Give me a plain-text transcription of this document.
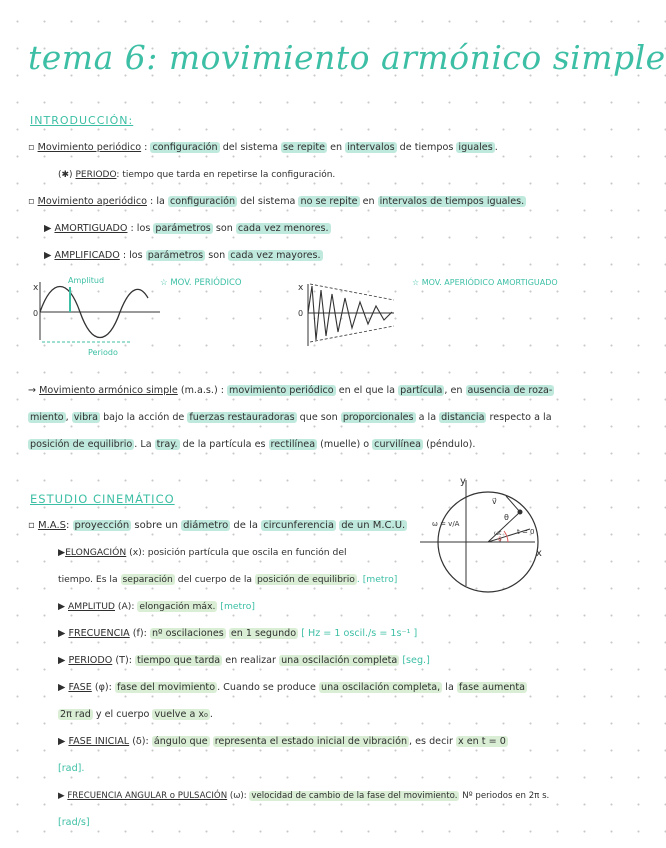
tema 6: movimiento armónico simple
INTRODUCCIÓN:
▫ Movimiento periódico : configuración del sistema se repite en intervalos de tiempos iguales .
(✱) PERIODO: tiempo que tarda en repetirse la configuración.
▫ Movimiento aperiódico : la configuración del sistema no se repite en intervalos de tiempos iguales.
▶ AMORTIGUADO : los parámetros son cada vez menores.
▶ AMPLIFICADO : los parámetros son cada vez mayores.
x
0
Amplitud
Periodo
☆ MOV. PERIÓDICO	x
0
☆ MOV. APERIÓDICO AMORTIGUADO
→ Movimiento armónico simple (m.a.s.) : movimiento periódico en el que la partícula , en ausencia de roza-
miento , vibra bajo la acción de fuerzas restauradoras que son proporcionales a la distancia respecto a la
posición de equilibrio . La tray. de la partícula es rectilínea (muelle) o curvilínea (péndulo).
ESTUDIO CINEMÁTICO
y
x
ω = v/A
v⃗
θ
t = 0
ωt
δ
▫ M.A.S: proyección sobre un diámetro de la circunferencia de un M.C.U.
▶ELONGACIÓN (x): posición partícula que oscila en función del
tiempo. Es la separación del cuerpo de la posición de equilibrio . [metro]
▶ AMPLITUD (A): elongación máx. [metro]
▶ FRECUENCIA (f): nº oscilaciones en 1 segundo [ Hz = 1 oscil./s = 1s⁻¹ ]
▶ PERIODO (T): tiempo que tarda en realizar una oscilación completa [seg.]
▶ FASE (φ): fase del movimiento . Cuando se produce una oscilación completa, la fase aumenta
2π rad y el cuerpo vuelve a x₀ .
▶ FASE INICIAL (δ): ángulo que representa el estado inicial de vibración , es decir x en t = 0
[rad].
▶ FRECUENCIA ANGULAR o PULSACIÓN (ω): velocidad de cambio de la fase del movimiento. Nº periodos en 2π s.
[rad/s]
